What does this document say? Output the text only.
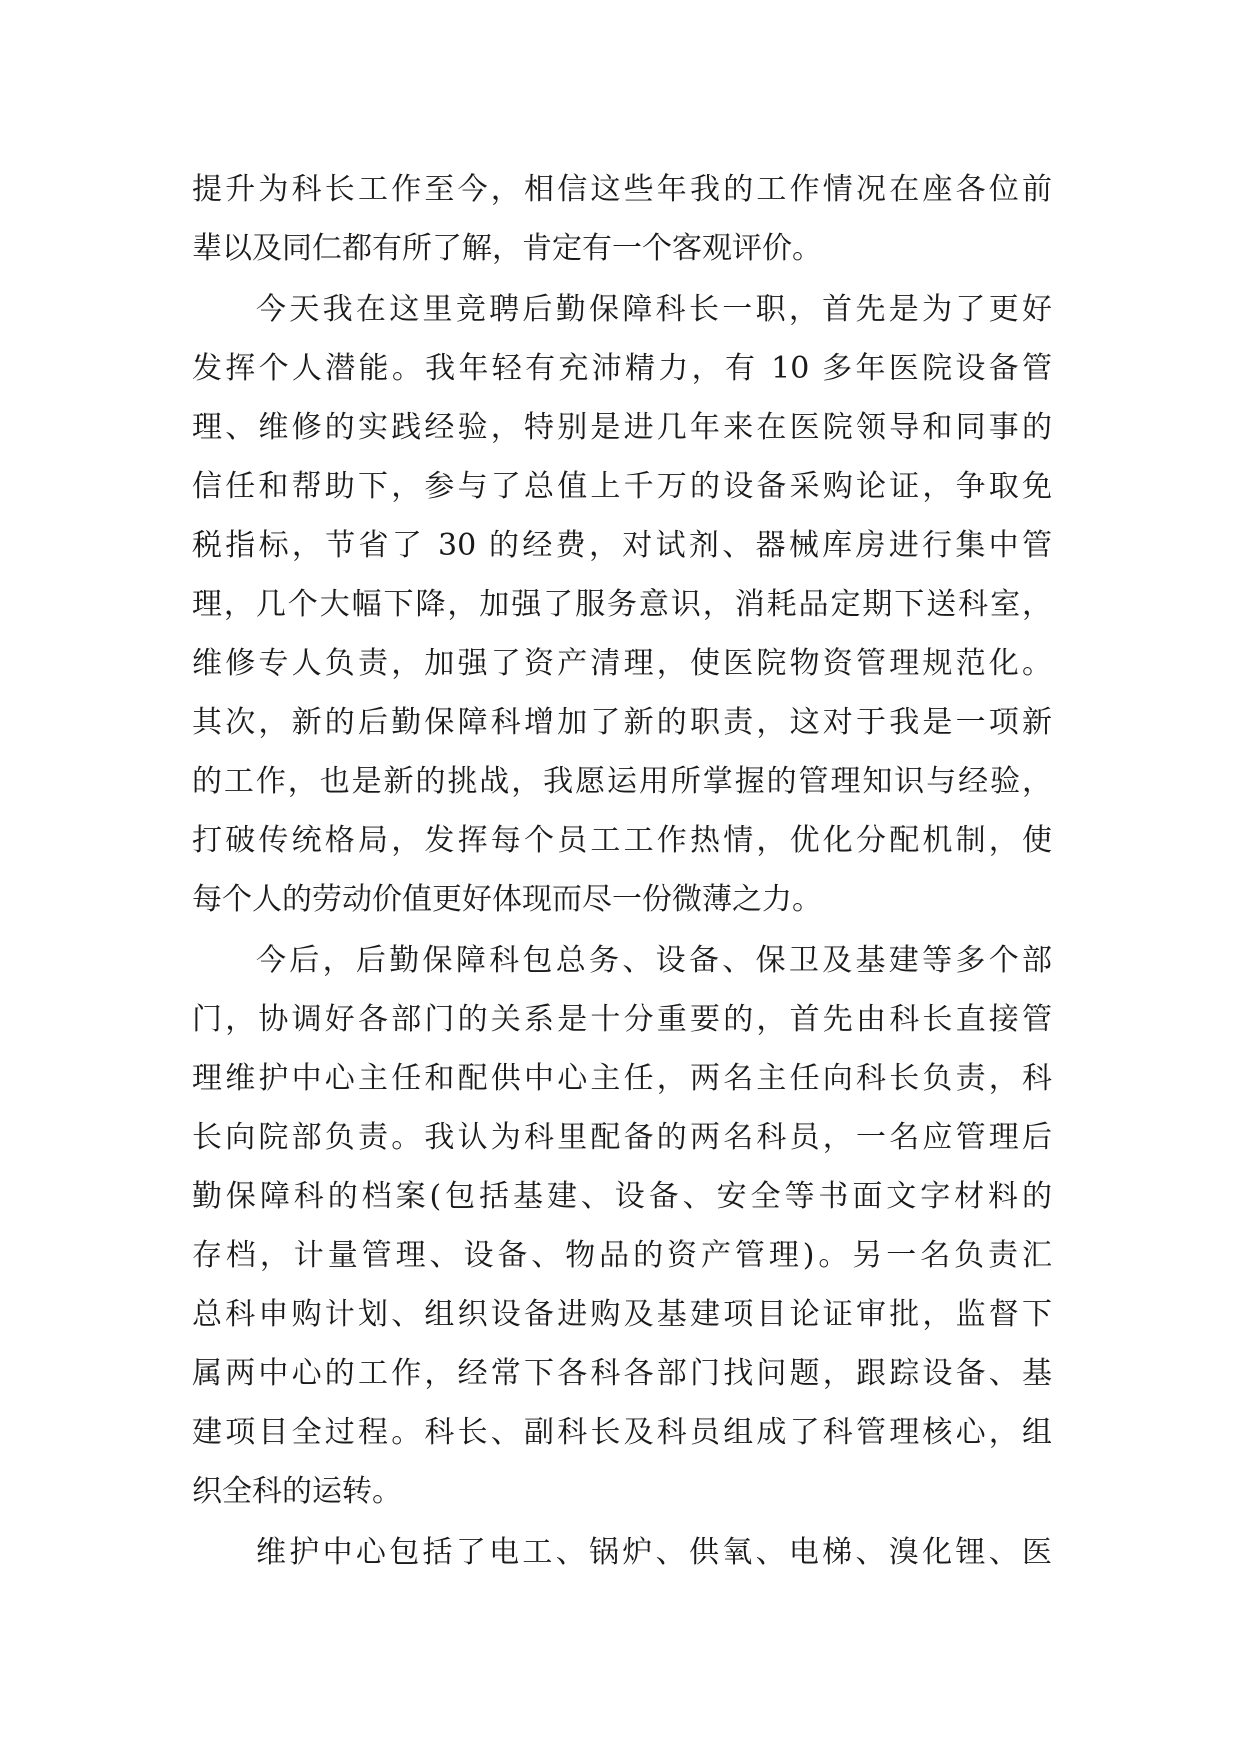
提升为科长工作至今，相信这些年我的工作情况在座各位前
辈以及同仁都有所了解，肯定有一个客观评价。
今天我在这里竞聘后勤保障科长一职，首先是为了更好
发挥个人潜能。我年轻有充沛精力，有 10 多年医院设备管
理、维修的实践经验，特别是进几年来在医院领导和同事的
信任和帮助下，参与了总值上千万的设备采购论证，争取免
税指标，节省了 30 的经费，对试剂、器械库房进行集中管
理，几个大幅下降，加强了服务意识，消耗品定期下送科室，
维修专人负责，加强了资产清理，使医院物资管理规范化。
其次，新的后勤保障科增加了新的职责，这对于我是一项新
的工作，也是新的挑战，我愿运用所掌握的管理知识与经验，
打破传统格局，发挥每个员工工作热情，优化分配机制，使
每个人的劳动价值更好体现而尽一份微薄之力。
今后，后勤保障科包总务、设备、保卫及基建等多个部
门，协调好各部门的关系是十分重要的，首先由科长直接管
理维护中心主任和配供中心主任，两名主任向科长负责，科
长向院部负责。我认为科里配备的两名科员，一名应管理后
勤保障科的档案(包括基建、设备、安全等书面文字材料的
存档，计量管理、设备、物品的资产管理)。另一名负责汇
总科申购计划、组织设备进购及基建项目论证审批，监督下
属两中心的工作，经常下各科各部门找问题，跟踪设备、基
建项目全过程。科长、副科长及科员组成了科管理核心，组
织全科的运转。
维护中心包括了电工、锅炉、供氧、电梯、溴化锂、医
